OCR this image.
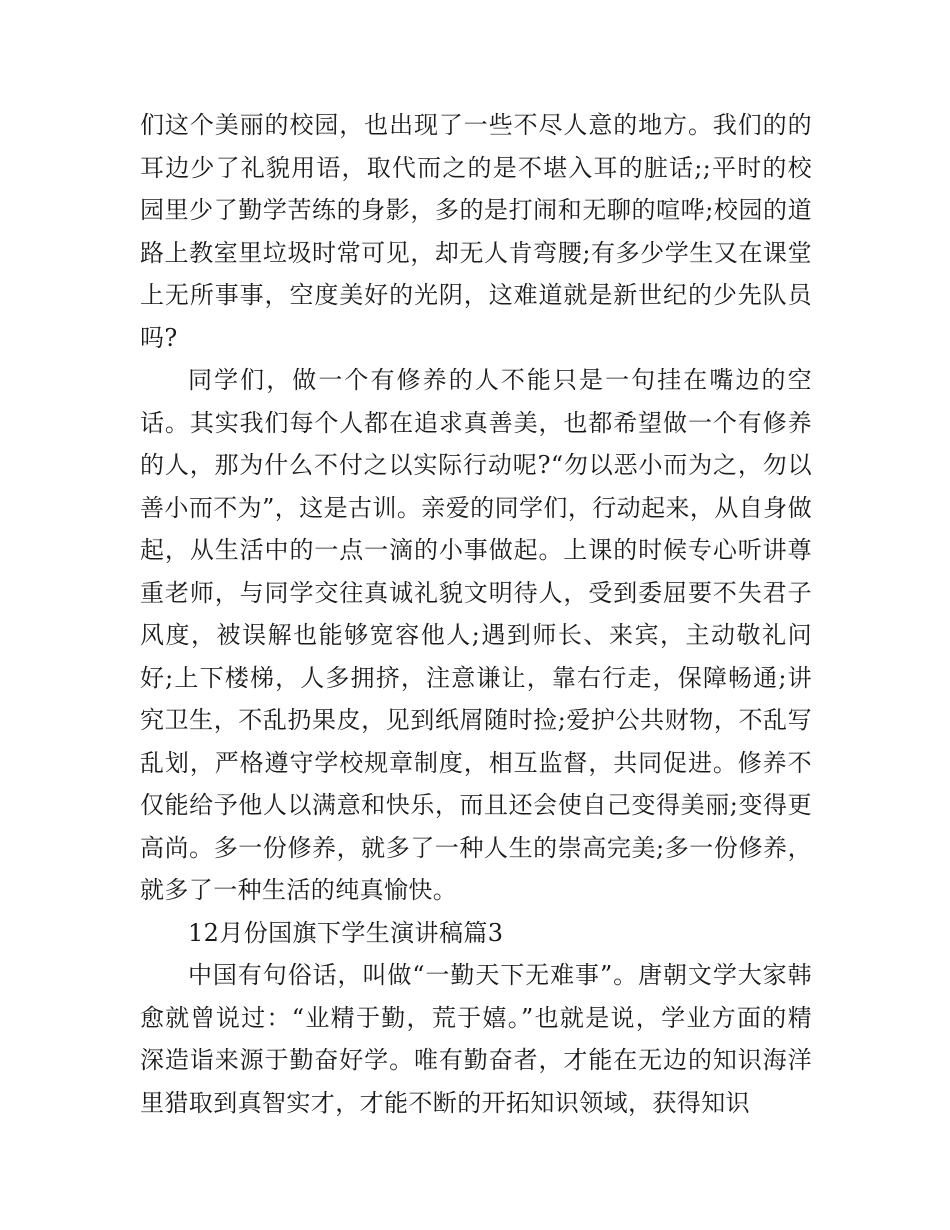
们这个美丽的校园，也出现了一些不尽人意的地方。我们的的耳边少了礼貌用语，取代而之的是不堪入耳的脏话;;平时的校园里少了勤学苦练的身影，多的是打闹和无聊的喧哗;校园的道路上教室里垃圾时常可见，却无人肯弯腰;有多少学生又在课堂上无所事事，空度美好的光阴，这难道就是新世纪的少先队员吗?

同学们，做一个有修养的人不能只是一句挂在嘴边的空话。其实我们每个人都在追求真善美，也都希望做一个有修养的人，那为什么不付之以实际行动呢?“勿以恶小而为之，勿以善小而不为”，这是古训。亲爱的同学们，行动起来，从自身做起，从生活中的一点一滴的小事做起。上课的时候专心听讲尊重老师，与同学交往真诚礼貌文明待人，受到委屈要不失君子风度，被误解也能够宽容他人;遇到师长、来宾，主动敬礼问好;上下楼梯，人多拥挤，注意谦让，靠右行走，保障畅通;讲究卫生，不乱扔果皮，见到纸屑随时捡;爱护公共财物，不乱写乱划，严格遵守学校规章制度，相互监督，共同促进。修养不仅能给予他人以满意和快乐，而且还会使自己变得美丽;变得更高尚。多一份修养，就多了一种人生的崇高完美;多一份修养，就多了一种生活的纯真愉快。

12月份国旗下学生演讲稿篇3

中国有句俗话，叫做“一勤天下无难事”。唐朝文学大家韩愈就曾说过：“业精于勤，荒于嬉。”也就是说，学业方面的精深造诣来源于勤奋好学。唯有勤奋者，才能在无边的知识海洋里猎取到真智实才，才能不断的开拓知识领域，获得知识
